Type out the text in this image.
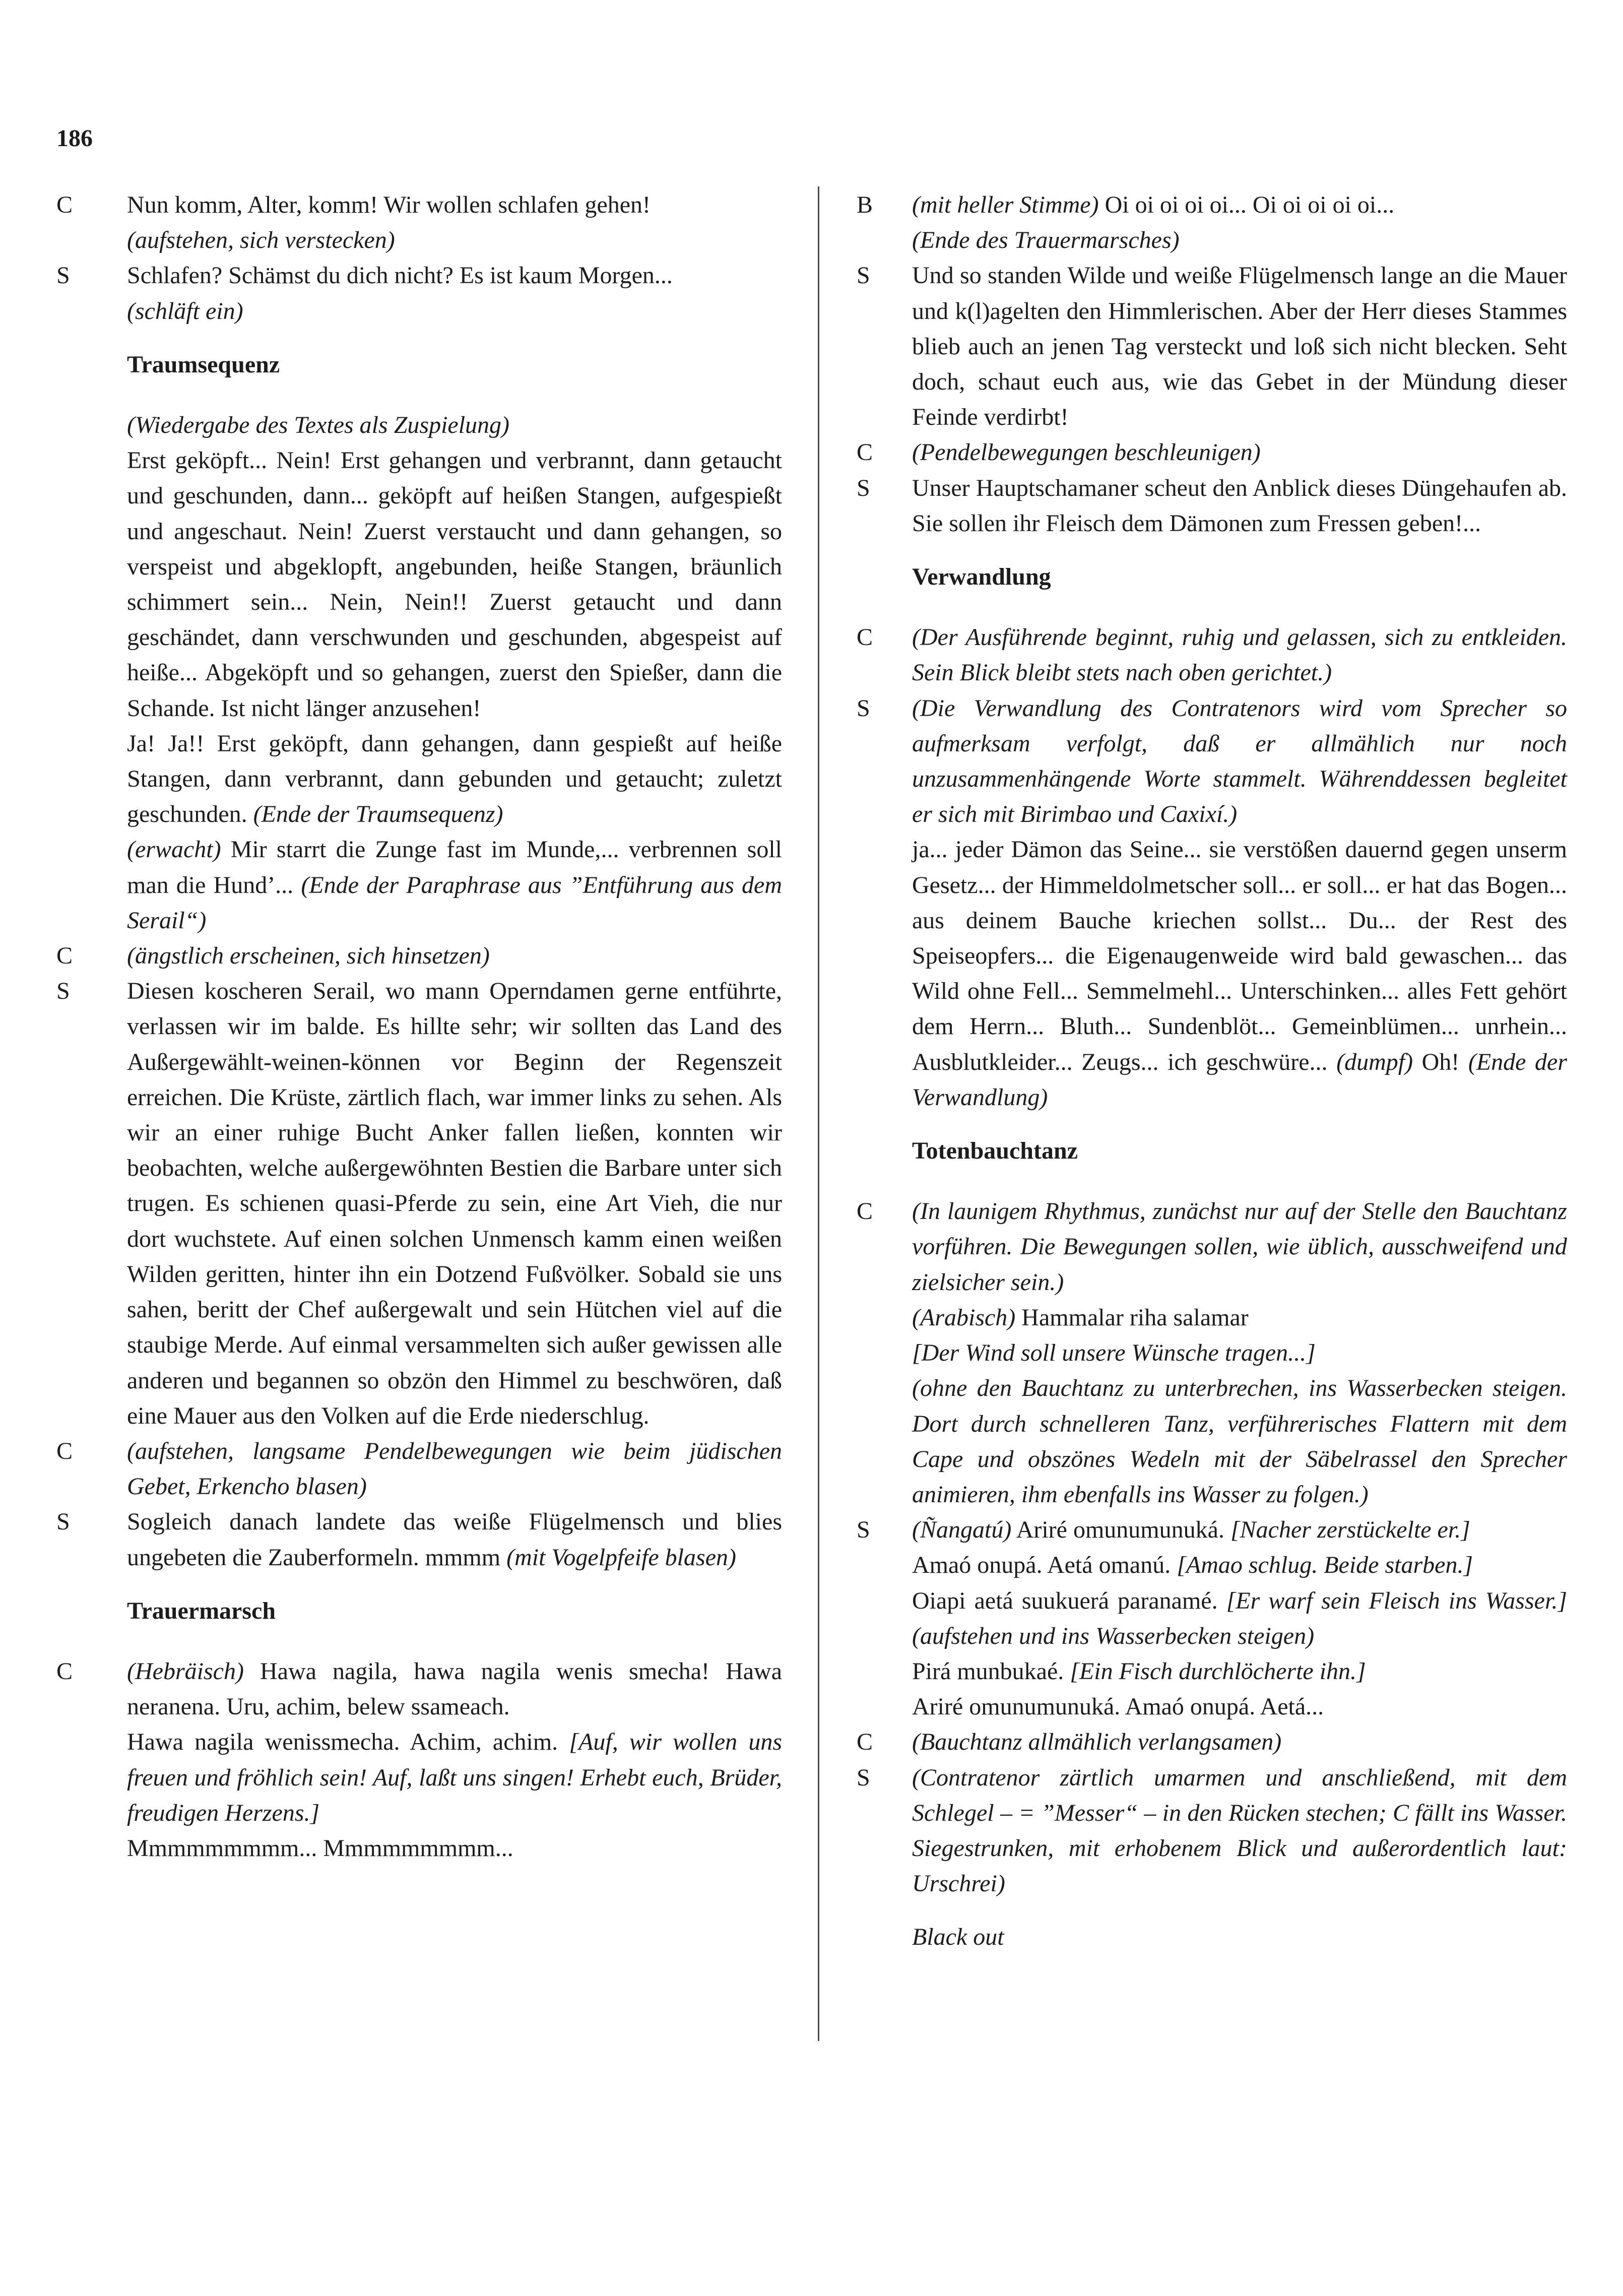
186
C	Nun komm, Alter, komm! Wir wollen schlafen gehen!
(aufstehen, sich verstecken)
S	Schlafen? Schämst du dich nicht? Es ist kaum Morgen...
(schläft ein)
Traumsequenz
(Wiedergabe des Textes als Zuspielung)
Erst geköpft... Nein! Erst gehangen und verbrannt, dann getaucht und geschunden, dann... geköpft auf heißen Stangen, aufgespießt und angeschaut. Nein! Zuerst verstaucht und dann gehangen, so verspeist und abgeklopft, angebunden, heiße Stangen, bräunlich schimmert sein... Nein, Nein!! Zuerst getaucht und dann geschändet, dann verschwunden und geschunden, abgespeist auf heiße... Abgeköpft und so gehangen, zuerst den Spießer, dann die Schande. Ist nicht länger anzusehen!
Ja! Ja!! Erst geköpft, dann gehangen, dann gespießt auf heiße Stangen, dann verbrannt, dann gebunden und getaucht; zuletzt geschunden. (Ende der Traumsequenz)
(erwacht) Mir starrt die Zunge fast im Munde,... verbrennen soll man die Hund’... (Ende der Paraphrase aus ”Entführung aus dem Serail“)
C	(ängstlich erscheinen, sich hinsetzen)
S	Diesen koscheren Serail, wo mann Operndamen gerne entführte, verlassen wir im balde. Es hillte sehr; wir sollten das Land des Außergewählt-weinen-können vor Beginn der Regenszeit erreichen. Die Krüste, zärtlich flach, war immer links zu sehen. Als wir an einer ruhige Bucht Anker fallen ließen, konnten wir beobachten, welche außergewöhnten Bestien die Barbare unter sich trugen. Es schienen quasi-Pferde zu sein, eine Art Vieh, die nur dort wuchstete. Auf einen solchen Unmensch kamm einen weißen Wilden geritten, hinter ihn ein Dotzend Fußvölker. Sobald sie uns sahen, beritt der Chef außergewalt und sein Hütchen viel auf die staubige Merde. Auf einmal versammelten sich außer gewissen alle anderen und begannen so obzön den Himmel zu beschwören, daß eine Mauer aus den Volken auf die Erde niederschlug.
C	(aufstehen, langsame Pendelbewegungen wie beim jüdischen Gebet, Erkencho blasen)
S	Sogleich danach landete das weiße Flügelmensch und blies ungebeten die Zauberformeln. mmmm (mit Vogelpfeife blasen)
Trauermarsch
C	(Hebräisch) Hawa nagila, hawa nagila wenis smecha! Hawa neranena. Uru, achim, belew ssameach.
Hawa nagila wenissmecha. Achim, achim. [Auf, wir wollen uns freuen und fröhlich sein! Auf, laßt uns singen! Erhebt euch, Brüder, freudigen Herzens.]
Mmmmmmmmm... Mmmmmmmmm...
B	(mit heller Stimme) Oi oi oi oi oi... Oi oi oi oi oi...
(Ende des Trauermarsches)
S	Und so standen Wilde und weiße Flügelmensch lange an die Mauer und k(l)agelten den Himmlerischen. Aber der Herr dieses Stammes blieb auch an jenen Tag versteckt und loß sich nicht blecken. Seht doch, schaut euch aus, wie das Gebet in der Mündung dieser Feinde verdirbt!
C	(Pendelbewegungen beschleunigen)
S	Unser Hauptschamaner scheut den Anblick dieses Düngehaufen ab. Sie sollen ihr Fleisch dem Dämonen zum Fressen geben!...
Verwandlung
C	(Der Ausführende beginnt, ruhig und gelassen, sich zu entkleiden. Sein Blick bleibt stets nach oben gerichtet.)
S	(Die Verwandlung des Contratenors wird vom Sprecher so aufmerksam verfolgt, daß er allmählich nur noch unzusammenhängende Worte stammelt. Währenddessen begleitet er sich mit Birimbao und Caxixí.)
ja... jeder Dämon das Seine... sie verstößen dauernd gegen unserm Gesetz... der Himmeldolmetscher soll... er soll... er hat das Bogen... aus deinem Bauche kriechen sollst... Du... der Rest des Speiseopfers... die Eigenaugenweide wird bald gewaschen... das Wild ohne Fell... Semmelmehl... Unterschinken... alles Fett gehört dem Herrn... Bluth... Sundenblöt... Gemeinblümen... unrhein... Ausblutkleider... Zeugs... ich geschwüre... (dumpf) Oh! (Ende der Verwandlung)
Totenbauchtanz
C	(In launigem Rhythmus, zunächst nur auf der Stelle den Bauchtanz vorführen. Die Bewegungen sollen, wie üblich, ausschweifend und zielsicher sein.)
(Arabisch) Hammalar riha salamar
[Der Wind soll unsere Wünsche tragen...]
(ohne den Bauchtanz zu unterbrechen, ins Wasserbecken steigen. Dort durch schnelleren Tanz, verführerisches Flattern mit dem Cape und obszönes Wedeln mit der Säbelrassel den Sprecher animieren, ihm ebenfalls ins Wasser zu folgen.)
S	(Ñangatú) Ariré omunumunuká. [Nacher zerstückelte er.]
Amaó onupá. Aetá omanú. [Amao schlug. Beide starben.]
Oiapi aetá suukuerá paranamé. [Er warf sein Fleisch ins Wasser.] (aufstehen und ins Wasserbecken steigen)
Pirá munbukaé. [Ein Fisch durchlöcherte ihn.]
Ariré omunumunuká. Amaó onupá. Aetá...
C	(Bauchtanz allmählich verlangsamen)
S	(Contratenor zärtlich umarmen und anschließend, mit dem Schlegel – = ”Messer“ – in den Rücken stechen; C fällt ins Wasser. Siegestrunken, mit erhobenem Blick und außerordentlich laut: Urschrei)
Black out
